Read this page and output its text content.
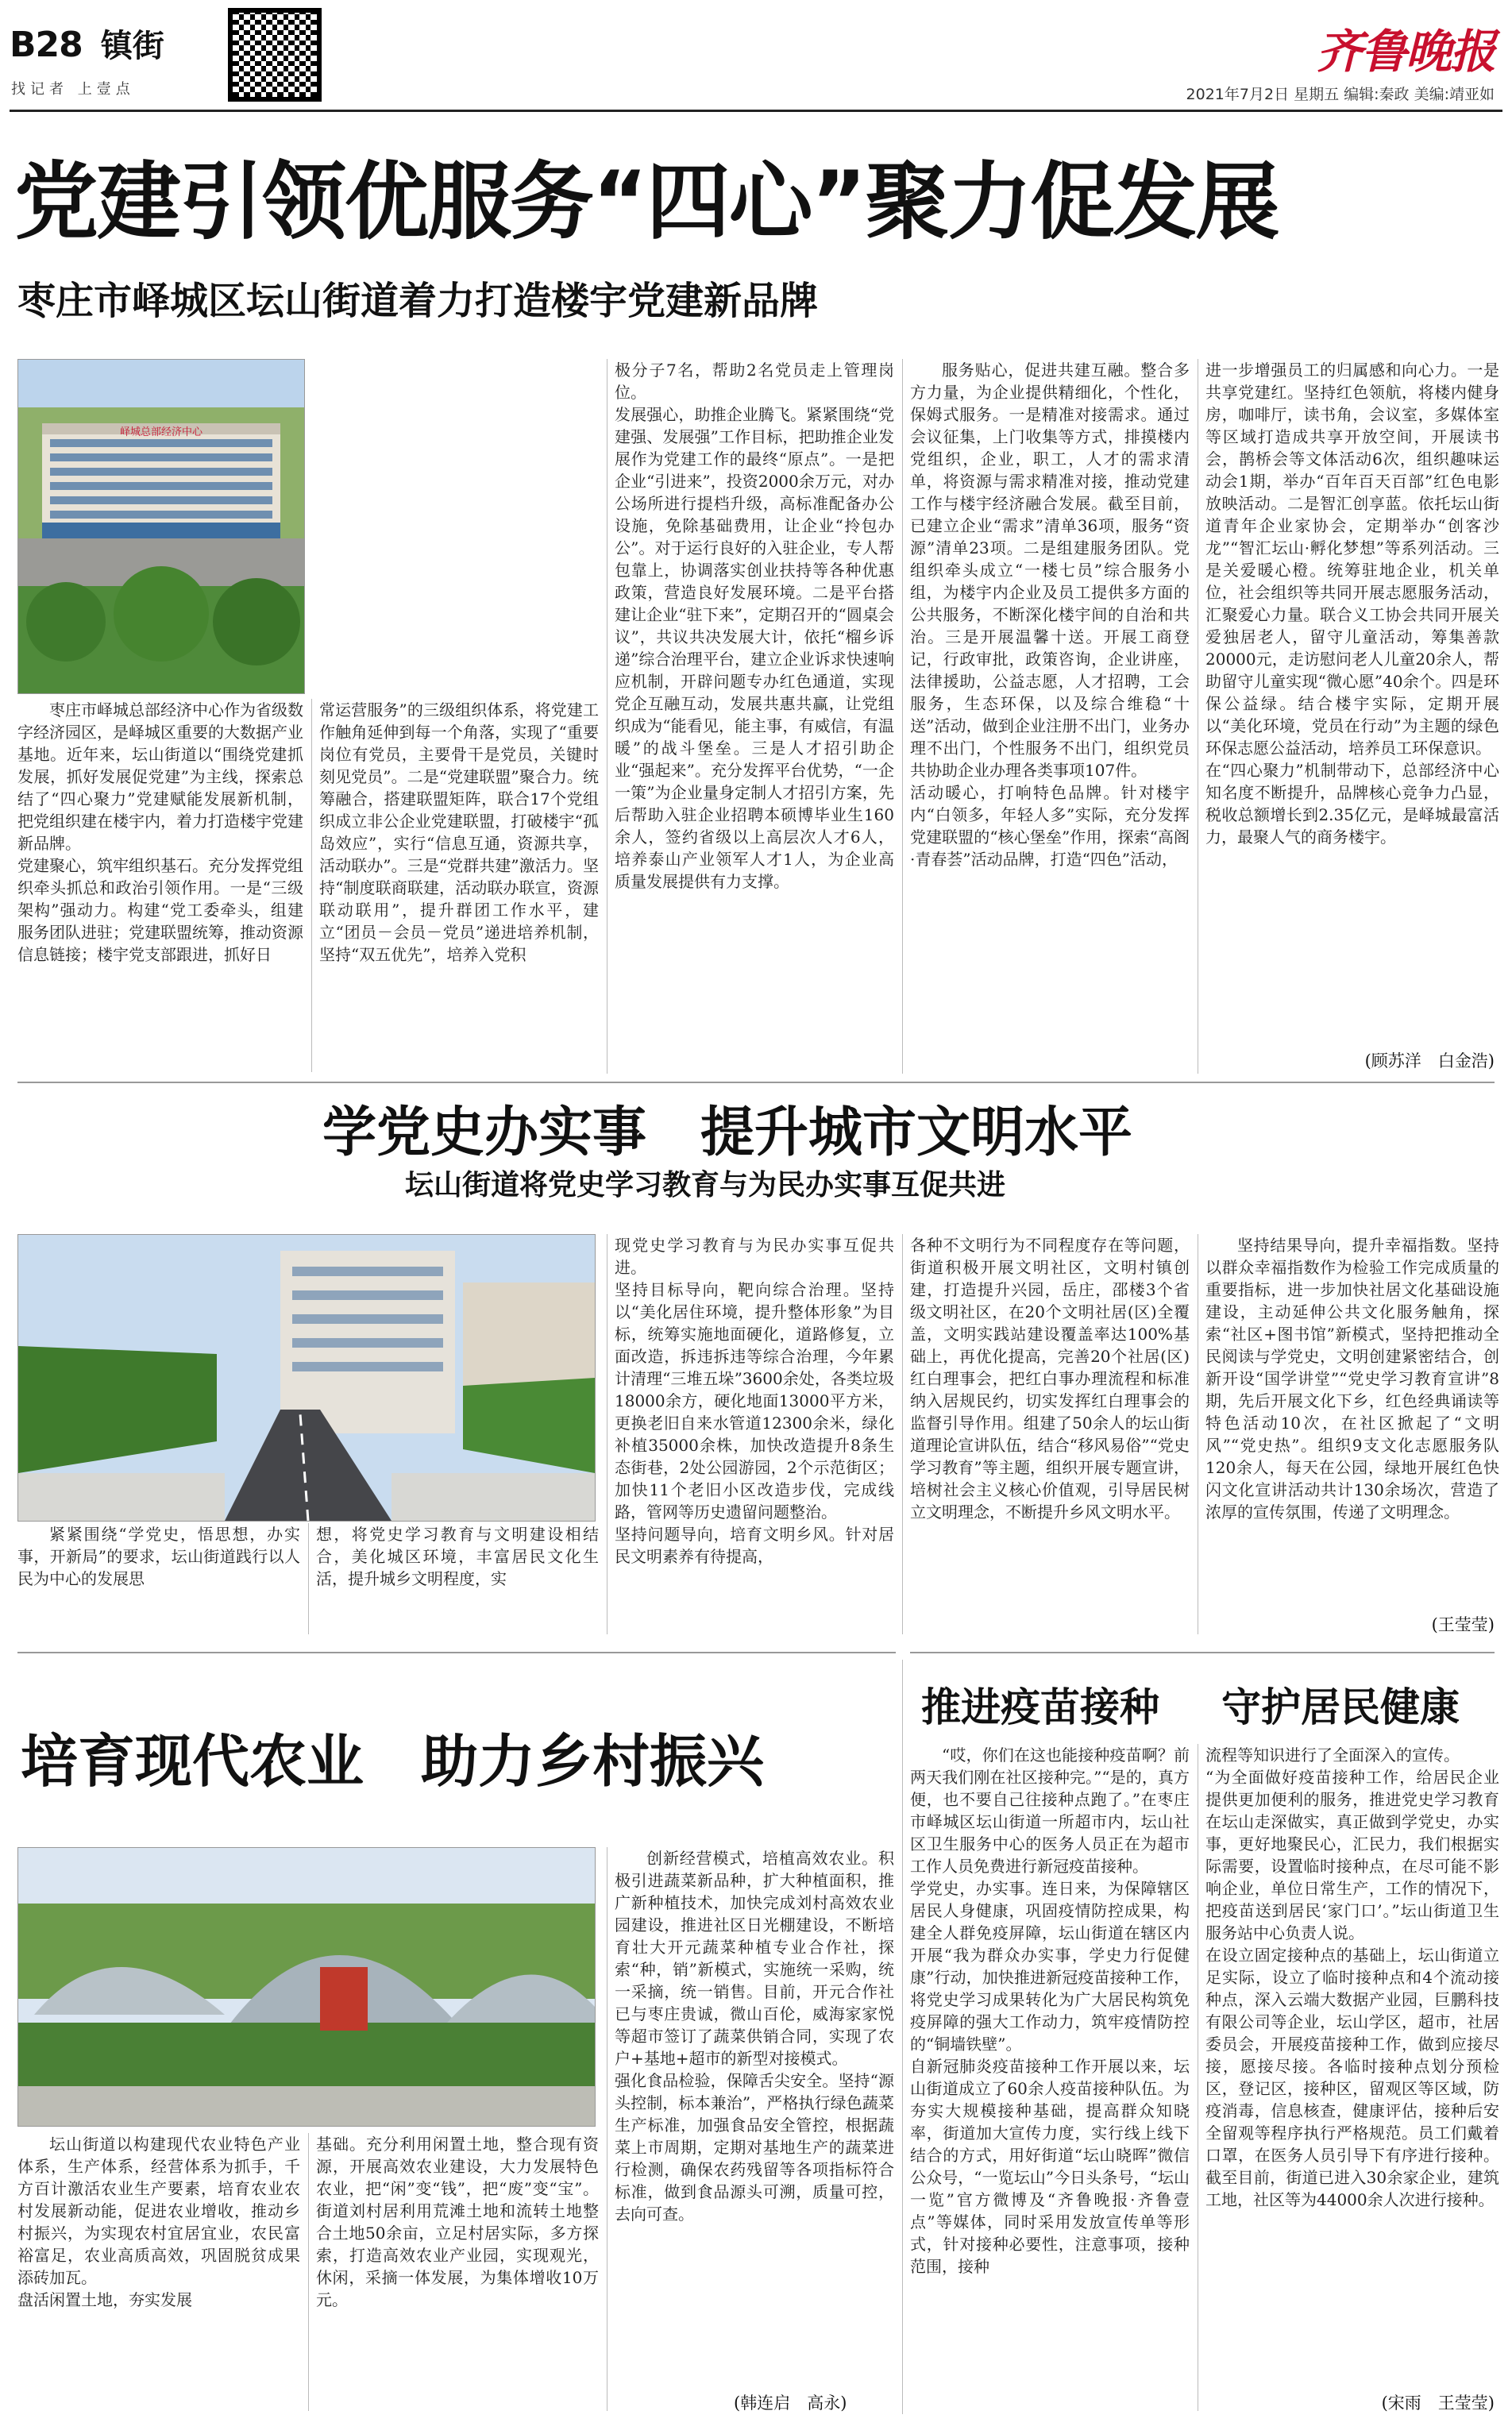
B28 镇街
找记者 上壹点
齐鲁晚报
2021年7月2日 星期五 编辑:秦政 美编:靖亚如
党建引领优服务“四心”聚力促发展
枣庄市峄城区坛山街道着力打造楼宇党建新品牌
峄城总部经济中心

枣庄市峄城总部经济中心作为省级数字经济园区，是峄城区重要的大数据产业基地。近年来，坛山街道以“围绕党建抓发展，抓好发展促党建”为主线，探索总结了“四心聚力”党建赋能发展新机制，把党组织建在楼宇内，着力打造楼宇党建新品牌。
党建聚心，筑牢组织基石。充分发挥党组织牵头抓总和政治引领作用。一是“三级架构”强动力。构建“党工委牵头，组建服务团队进驻；党建联盟统筹，推动资源信息链接；楼宇党支部跟进，抓好日

常运营服务”的三级组织体系，将党建工作触角延伸到每一个角落，实现了“重要岗位有党员，主要骨干是党员，关键时刻见党员”。二是“党建联盟”聚合力。统筹融合，搭建联盟矩阵，联合17个党组织成立非公企业党建联盟，打破楼宇“孤岛效应”，实行“信息互通，资源共享，活动联办”。三是“党群共建”激活力。坚持“制度联商联建，活动联办联宣，资源联动联用”，提升群团工作水平，建立“团员－会员－党员”递进培养机制，坚持“双五优先”，培养入党积

极分子7名，帮助2名党员走上管理岗位。
发展强心，助推企业腾飞。紧紧围绕“党建强、发展强”工作目标，把助推企业发展作为党建工作的最终“原点”。一是把企业“引进来”，投资2000余万元，对办公场所进行提档升级，高标准配备办公设施，免除基础费用，让企业“拎包办公”。对于运行良好的入驻企业，专人帮包靠上，协调落实创业扶持等各种优惠政策，营造良好发展环境。二是平台搭建让企业“驻下来”，定期召开的“圆桌会议”，共议共决发展大计，依托“榴乡诉递”综合治理平台，建立企业诉求快速响应机制，开辟问题专办红色通道，实现党企互融互动，发展共惠共赢，让党组织成为“能看见，能主事，有威信，有温暖”的战斗堡垒。三是人才招引助企业“强起来”。充分发挥平台优势，“一企一策”为企业量身定制人才招引方案，先后帮助入驻企业招聘本硕博毕业生160余人，签约省级以上高层次人才6人，培养泰山产业领军人才1人，为企业高质量发展提供有力支撑。

服务贴心，促进共建互融。整合多方力量，为企业提供精细化，个性化，保姆式服务。一是精准对接需求。通过会议征集，上门收集等方式，排摸楼内党组织，企业，职工，人才的需求清单，将资源与需求精准对接，推动党建工作与楼宇经济融合发展。截至目前，已建立企业“需求”清单36项，服务“资源”清单23项。二是组建服务团队。党组织牵头成立“一楼七员”综合服务小组，为楼宇内企业及员工提供多方面的公共服务，不断深化楼宇间的自治和共治。三是开展温馨十送。开展工商登记，行政审批，政策咨询，企业讲座，法律援助，公益志愿，人才招聘，工会服务，生态环保，以及综合维稳“十送”活动，做到企业注册不出门，业务办理不出门，个性服务不出门，组织党员共协助企业办理各类事项107件。
活动暖心，打响特色品牌。针对楼宇内“白领多，年轻人多”实际，充分发挥党建联盟的“核心堡垒”作用，探索“高阁·青春荟”活动品牌，打造“四色”活动，

进一步增强员工的归属感和向心力。一是共享党建红。坚持红色领航，将楼内健身房，咖啡厅，读书角，会议室，多媒体室等区域打造成共享开放空间，开展读书会，鹊桥会等文体活动6次，组织趣味运动会1期，举办“百年百天百部”红色电影放映活动。二是智汇创享蓝。依托坛山街道青年企业家协会，定期举办“创客沙龙”“智汇坛山·孵化梦想”等系列活动。三是关爱暖心橙。统筹驻地企业，机关单位，社会组织等共同开展志愿服务活动，汇聚爱心力量。联合义工协会共同开展关爱独居老人，留守儿童活动，筹集善款20000元，走访慰问老人儿童20余人，帮助留守儿童实现“微心愿”40余个。四是环保公益绿。结合楼宇实际，定期开展以“美化环境，党员在行动”为主题的绿色环保志愿公益活动，培养员工环保意识。
在“四心聚力”机制带动下，总部经济中心知名度不断提升，品牌核心竞争力凸显，税收总额增长到2.35亿元，是峄城最富活力，最聚人气的商务楼宇。

(顾苏洋　白金浩)
学党史办实事　提升城市文明水平
坛山街道将党史学习教育与为民办实事互促共进

紧紧围绕“学党史，悟思想，办实事，开新局”的要求，坛山街道践行以人民为中心的发展思

想，将党史学习教育与文明建设相结合，美化城区环境，丰富居民文化生活，提升城乡文明程度，实

现党史学习教育与为民办实事互促共进。
坚持目标导向，靶向综合治理。坚持以“美化居住环境，提升整体形象”为目标，统筹实施地面硬化，道路修复，立面改造，拆违拆违等综合治理，今年累计清理“三堆五垛”3600余处，各类垃圾18000余方，硬化地面13000平方米，更换老旧自来水管道12300余米，绿化补植35000余株，加快改造提升8条生态街巷，2处公园游园，2个示范街区；加快11个老旧小区改造步伐，完成线路，管网等历史遗留问题整治。
坚持问题导向，培育文明乡风。针对居民文明素养有待提高，

各种不文明行为不同程度存在等问题，街道积极开展文明社区，文明村镇创建，打造提升兴园，岳庄，邵楼3个省级文明社区，在20个文明社居(区)全覆盖，文明实践站建设覆盖率达100%基础上，再优化提高，完善20个社居(区)红白理事会，把红白事办理流程和标准纳入居规民约，切实发挥红白理事会的监督引导作用。组建了50余人的坛山街道理论宣讲队伍，结合“移风易俗”“党史学习教育”等主题，组织开展专题宣讲，培树社会主义核心价值观，引导居民树立文明理念，不断提升乡风文明水平。

坚持结果导向，提升幸福指数。坚持以群众幸福指数作为检验工作完成质量的重要指标，进一步加快社居文化基础设施建设，主动延伸公共文化服务触角，探索“社区+图书馆”新模式，坚持把推动全民阅读与学党史，文明创建紧密结合，创新开设“国学讲堂”“党史学习教育宣讲”8期，先后开展文化下乡，红色经典诵读等特色活动10次，在社区掀起了“文明风”“党史热”。组织9支文化志愿服务队120余人，每天在公园，绿地开展红色快闪文化宣讲活动共计130余场次，营造了浓厚的宣传氛围，传递了文明理念。

(王莹莹)
培育现代农业　助力乡村振兴

坛山街道以构建现代农业特色产业体系，生产体系，经营体系为抓手，千方百计激活农业生产要素，培育农业农村发展新动能，促进农业增收，推动乡村振兴，为实现农村宜居宜业，农民富裕富足，农业高质高效，巩固脱贫成果添砖加瓦。
盘活闲置土地，夯实发展

基础。充分利用闲置土地，整合现有资源，开展高效农业建设，大力发展特色农业，把“闲”变“钱”，把“废”变“宝”。街道刘村居利用荒滩土地和流转土地整合土地50余亩，立足村居实际，多方探索，打造高效农业产业园，实现观光，休闲，采摘一体发展，为集体增收10万元。

创新经营模式，培植高效农业。积极引进蔬菜新品种，扩大种植面积，推广新种植技术，加快完成刘村高效农业园建设，推进社区日光棚建设，不断培育壮大开元蔬菜种植专业合作社，探索“种，销”新模式，实施统一采购，统一采摘，统一销售。目前，开元合作社已与枣庄贵诚，微山百伦，威海家家悦等超市签订了蔬菜供销合同，实现了农户+基地+超市的新型对接模式。
强化食品检验，保障舌尖安全。坚持“源头控制，标本兼治”，严格执行绿色蔬菜生产标准，加强食品安全管控，根据蔬菜上市周期，定期对基地生产的蔬菜进行检测，确保农药残留等各项指标符合标准，做到食品源头可溯，质量可控，去向可查。

(韩连启　高永)
推进疫苗接种 守护居民健康

“哎，你们在这也能接种疫苗啊？前两天我们刚在社区接种完。”“是的，真方便，也不要自己往接种点跑了。”在枣庄市峄城区坛山街道一所超市内，坛山社区卫生服务中心的医务人员正在为超市工作人员免费进行新冠疫苗接种。
学党史，办实事。连日来，为保障辖区居民人身健康，巩固疫情防控成果，构建全人群免疫屏障，坛山街道在辖区内开展“我为群众办实事，学史力行促健康”行动，加快推进新冠疫苗接种工作，将党史学习成果转化为广大居民构筑免疫屏障的强大工作动力，筑牢疫情防控的“铜墙铁壁”。
自新冠肺炎疫苗接种工作开展以来，坛山街道成立了60余人疫苗接种队伍。为夯实大规模接种基础，提高群众知晓率，街道加大宣传力度，实行线上线下结合的方式，用好街道“坛山晓晖”微信公众号，“一览坛山”今日头条号，“坛山一览”官方微博及“齐鲁晚报·齐鲁壹点”等媒体，同时采用发放宣传单等形式，针对接种必要性，注意事项，接种范围，接种

流程等知识进行了全面深入的宣传。
“为全面做好疫苗接种工作，给居民企业提供更加便利的服务，推进党史学习教育在坛山走深做实，真正做到学党史，办实事，更好地聚民心，汇民力，我们根据实际需要，设置临时接种点，在尽可能不影响企业，单位日常生产，工作的情况下，把疫苗送到居民‘家门口’。”坛山街道卫生服务站中心负责人说。
在设立固定接种点的基础上，坛山街道立足实际，设立了临时接种点和4个流动接种点，深入云端大数据产业园，巨鹏科技有限公司等企业，坛山学区，超市，社居委员会，开展疫苗接种工作，做到应接尽接，愿接尽接。各临时接种点划分预检区，登记区，接种区，留观区等区域，防疫消毒，信息核查，健康评估，接种后安全留观等程序执行严格规范。员工们戴着口罩，在医务人员引导下有序进行接种。截至目前，街道已进入30余家企业，建筑工地，社区等为44000余人次进行接种。

(宋雨　王莹莹)
